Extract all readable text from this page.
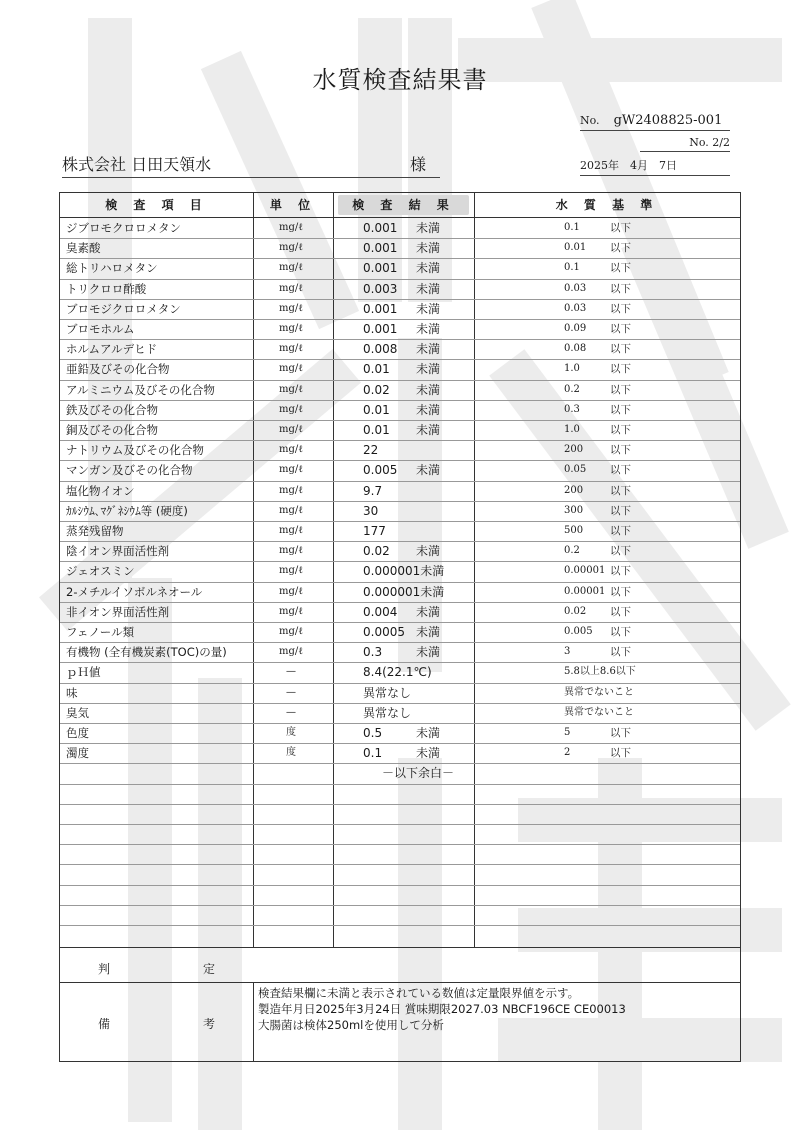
水質検査結果書
No. gW2408825-001
No. 2/2
株式会社 日田天領水	様	2025年　4月　7日
検 査 項 目	単 位	検 査 結 果	水 質 基 準
ジブロモクロロメタン	mg/ℓ	0.001 未満	0.1	以下
臭素酸	mg/ℓ	0.001 未満	0.01 以下
総トリハロメタン	mg/ℓ	0.001 未満	0.1	以下
トリクロロ酢酸	mg/ℓ	0.003 未満	0.03 以下
ブロモジクロロメタン	mg/ℓ	0.001 未満	0.03 以下
ブロモホルム	mg/ℓ	0.001 未満	0.09 以下
ホルムアルデヒド	mg/ℓ	0.008 未満	0.08 以下
亜鉛及びその化合物	mg/ℓ	0.01 未満	1.0	以下
アルミニウム及びその化合物	mg/ℓ	0.02 未満	0.2	以下
鉄及びその化合物	mg/ℓ	0.01 未満	0.3	以下
銅及びその化合物	mg/ℓ	0.01 未満	1.0	以下
ナトリウム及びその化合物	mg/ℓ	22	200	以下
マンガン及びその化合物	mg/ℓ	0.005 未満	0.05 以下
塩化物イオン	mg/ℓ	9.7	200	以下
ｶﾙｼｳﾑ､ﾏｸﾞﾈｼｳﾑ等 (硬度)	mg/ℓ	30	300	以下
蒸発残留物	mg/ℓ	177	500	以下
陰イオン界面活性剤	mg/ℓ	0.02 未満	0.2	以下
ジェオスミン	mg/ℓ	0.000001未満	0.00001 以下
2-メチルイソボルネオール	mg/ℓ	0.000001未満	0.00001 以下
非イオン界面活性剤	mg/ℓ	0.004 未満	0.02 以下
フェノール類	mg/ℓ	0.0005 未満	0.005 以下
有機物 (全有機炭素(TOC)の量)	mg/ℓ	0.3	未満	3	以下
ｐＨ値	—	8.4(22.1℃)	5.8以上8.6以下
味	—	異常なし	異常でないこと
臭気	—	異常なし	異常でないこと
色度	度	0.5	未満	5	以下
濁度	度	0.1	未満	2	以下
－以下余白－
判	定
備	考
検査結果欄に未満と表示されている数値は定量限界値を示す。
製造年月日2025年3月24日 賞味期限2027.03 NBCF196CE CE00013
大腸菌は検体250mlを使用して分析
